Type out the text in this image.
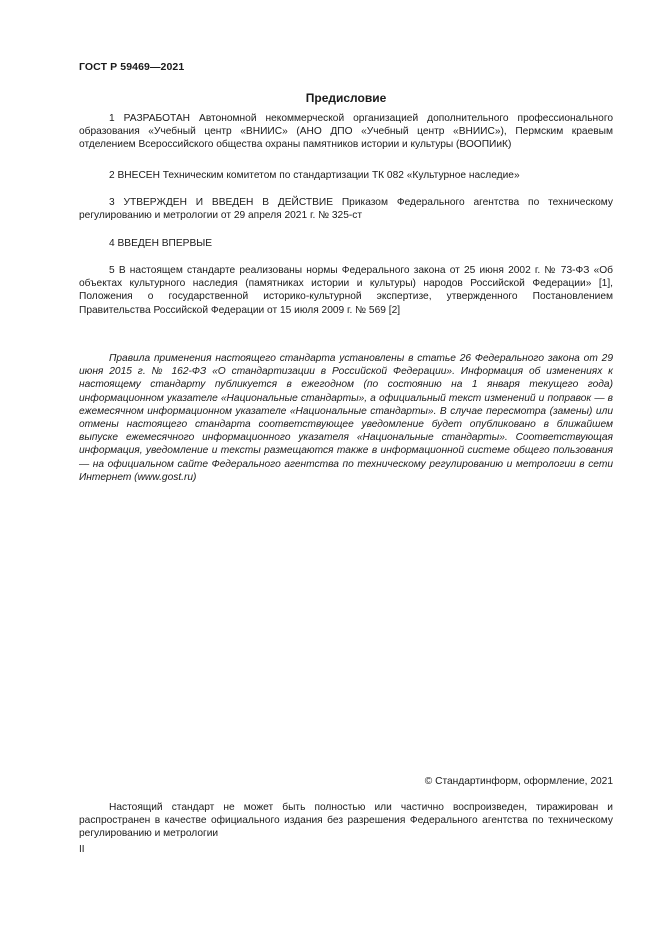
ГОСТ Р 59469—2021
Предисловие

1 РАЗРАБОТАН Автономной некоммерческой организацией дополнительного профессионального образования «Учебный центр «ВНИИС» (АНО ДПО «Учебный центр «ВНИИС»), Пермским краевым отделением Всероссийского общества охраны памятников истории и культуры (ВООПИиК)

2 ВНЕСЕН Техническим комитетом по стандартизации ТК 082 «Культурное наследие»

3 УТВЕРЖДЕН И ВВЕДЕН В ДЕЙСТВИЕ Приказом Федерального агентства по техническому регулированию и метрологии от 29 апреля 2021 г. № 325-ст

4 ВВЕДЕН ВПЕРВЫЕ

5 В настоящем стандарте реализованы нормы Федерального закона от 25 июня 2002 г. № 73-ФЗ «Об объектах культурного наследия (памятниках истории и культуры) народов Российской Федерации» [1], Положения о государственной историко-культурной экспертизе, утвержденного Постановлением Правительства Российской Федерации от 15 июля 2009 г. № 569 [2]

Правила применения настоящего стандарта установлены в статье 26 Федерального закона от 29 июня 2015 г. № 162-ФЗ «О стандартизации в Российской Федерации». Информация об изменениях к настоящему стандарту публикуется в ежегодном (по состоянию на 1 января текущего года) информационном указателе «Национальные стандарты», а официальный текст изменений и поправок — в ежемесячном информационном указателе «Национальные стандарты». В случае пересмотра (замены) или отмены настоящего стандарта соответствующее уведомление будет опубликовано в ближайшем выпуске ежемесячного информационного указателя «Национальные стандарты». Соответствующая информация, уведомление и тексты размещаются также в информационной системе общего пользования — на официальном сайте Федерального агентства по техническому регулированию и метрологии в сети Интернет (www.gost.ru)

© Стандартинформ, оформление, 2021

Настоящий стандарт не может быть полностью или частично воспроизведен, тиражирован и распространен в качестве официального издания без разрешения Федерального агентства по техническому регулированию и метрологии

II
